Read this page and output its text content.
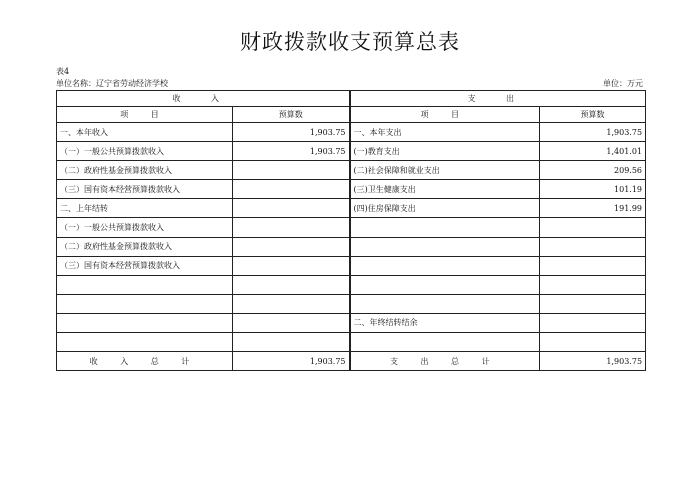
财政拨款收支预算总表
表4
单位名称：辽宁省劳动经济学校	单位：万元
收 入		支 出	
项 目	预算数	项 目	预算数
一、本年收入	1,903.75	一、本年支出	1,903.75
（一）一般公共预算拨款收入	1,903.75	(一)教育支出	1,401.01
（二）政府性基金预算拨款收入		(二)社会保障和就业支出	209.56
（三）国有资本经营预算拨款收入		(三)卫生健康支出	101.19
二、上年结转		(四)住房保障支出	191.99
（一）一般公共预算拨款收入			
（二）政府性基金预算拨款收入			
（三）国有资本经营预算拨款收入			

		二、年终结转结余	

收 入 总 计	1,903.75	支 出 总 计	1,903.75
